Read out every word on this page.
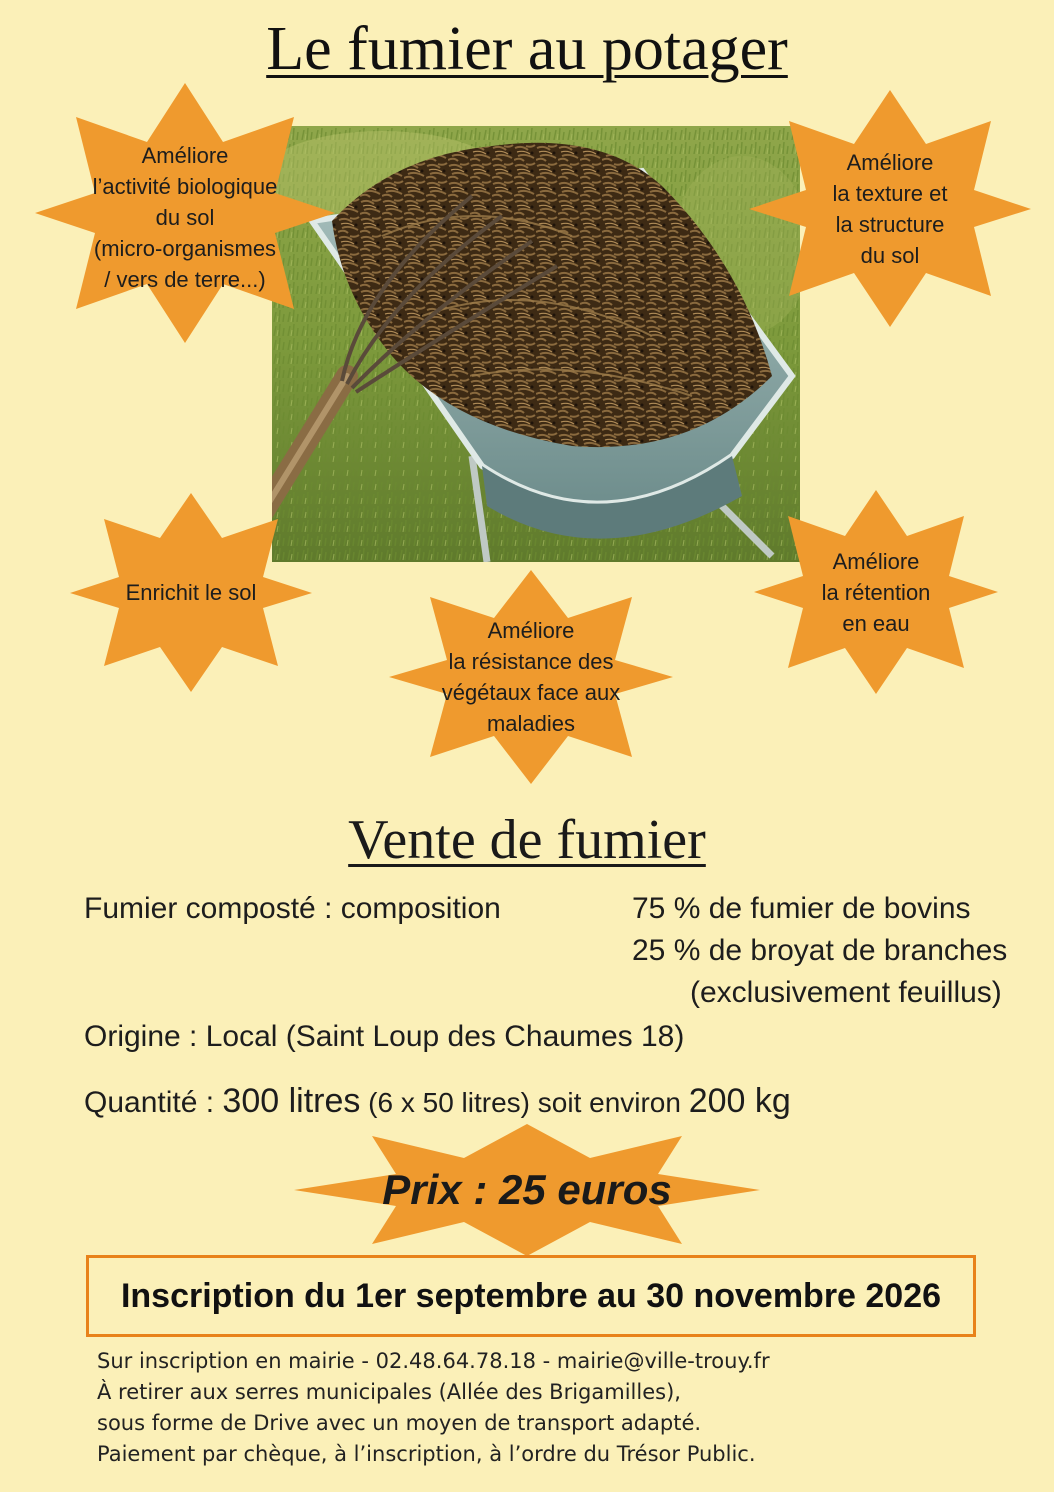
Le fumier au potager
Améliore
l’activité biologique
du sol
(micro-organismes
/ vers de terre...)
Améliore
la texture et
la structure
du sol
Enrichit le sol
Améliore
la résistance des
végétaux face aux
maladies
Améliore
la rétention
en eau
Vente de fumier
Fumier composté : composition	75 % de fumier de bovins
25 % de broyat de branches
(exclusivement feuillus)
Origine : Local (Saint Loup des Chaumes 18)
Quantité : 300 litres (6 x 50 litres) soit environ 200 kg
Prix : 25 euros
Inscription du 1er septembre au 30 novembre 2026
Sur inscription en mairie - 02.48.64.78.18 - mairie@ville-trouy.fr
À retirer aux serres municipales (Allée des Brigamilles),
sous forme de Drive avec un moyen de transport adapté.
Paiement par chèque, à l’inscription, à l’ordre du Trésor Public.
